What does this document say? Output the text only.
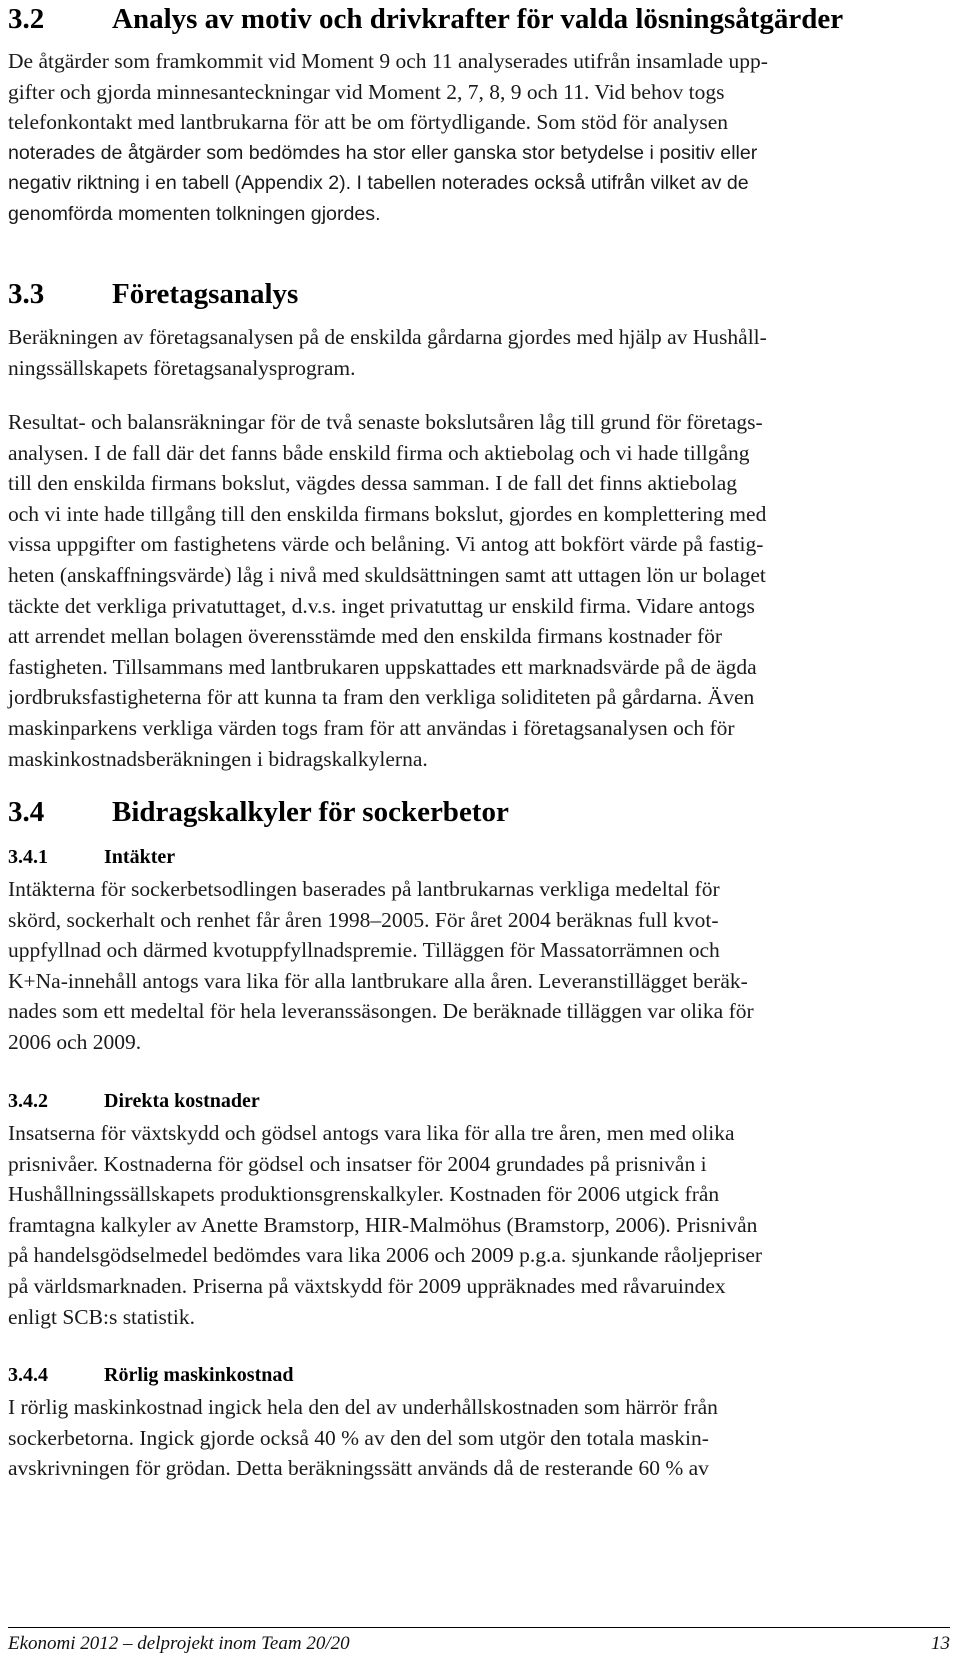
3.2 Analys av motiv och drivkrafter för valda lösningsåtgärder

De åtgärder som framkommit vid Moment 9 och 11 analyserades utifrån insamlade upp-
gifter och gjorda minnesanteckningar vid Moment 2, 7, 8, 9 och 11. Vid behov togs
telefonkontakt med lantbrukarna för att be om förtydligande. Som stöd för analysen
noterades de åtgärder som bedömdes ha stor eller ganska stor betydelse i positiv eller
negativ riktning i en tabell (Appendix 2). I tabellen noterades också utifrån vilket av de
genomförda momenten tolkningen gjordes.

3.3 Företagsanalys

Beräkningen av företagsanalysen på de enskilda gårdarna gjordes med hjälp av Hushåll-
ningssällskapets företagsanalysprogram.

Resultat- och balansräkningar för de två senaste bokslutsåren låg till grund för företags-
analysen. I de fall där det fanns både enskild firma och aktiebolag och vi hade tillgång
till den enskilda firmans bokslut, vägdes dessa samman. I de fall det finns aktiebolag
och vi inte hade tillgång till den enskilda firmans bokslut, gjordes en komplettering med
vissa uppgifter om fastighetens värde och belåning. Vi antog att bokfört värde på fastig-
heten (anskaffningsvärde) låg i nivå med skuldsättningen samt att uttagen lön ur bolaget
täckte det verkliga privatuttaget, d.v.s. inget privatuttag ur enskild firma. Vidare antogs
att arrendet mellan bolagen överensstämde med den enskilda firmans kostnader för
fastigheten. Tillsammans med lantbrukaren uppskattades ett marknadsvärde på de ägda
jordbruksfastigheterna för att kunna ta fram den verkliga soliditeten på gårdarna. Även
maskinparkens verkliga värden togs fram för att användas i företagsanalysen och för
maskinkostnadsberäkningen i bidragskalkylerna.

3.4 Bidragskalkyler för sockerbetor
3.4.1	Intäkter

Intäkterna för sockerbetsodlingen baserades på lantbrukarnas verkliga medeltal för
skörd, sockerhalt och renhet får åren 1998–2005. För året 2004 beräknas full kvot-
uppfyllnad och därmed kvotuppfyllnadspremie. Tilläggen för Massatorrämnen och
K+Na-innehåll antogs vara lika för alla lantbrukare alla åren. Leveranstillägget beräk-
nades som ett medeltal för hela leveranssäsongen. De beräknade tilläggen var olika för
2006 och 2009.

3.4.2	Direkta kostnader

Insatserna för växtskydd och gödsel antogs vara lika för alla tre åren, men med olika
prisnivåer. Kostnaderna för gödsel och insatser för 2004 grundades på prisnivån i
Hushållningssällskapets produktionsgrenskalkyler. Kostnaden för 2006 utgick från
framtagna kalkyler av Anette Bramstorp, HIR-Malmöhus (Bramstorp, 2006). Prisnivån
på handelsgödselmedel bedömdes vara lika 2006 och 2009 p.g.a. sjunkande råoljepriser
på världsmarknaden. Priserna på växtskydd för 2009 uppräknades med råvaruindex
enligt SCB:s statistik.

3.4.4	Rörlig maskinkostnad

I rörlig maskinkostnad ingick hela den del av underhållskostnaden som härrör från
sockerbetorna. Ingick gjorde också 40 % av den del som utgör den totala maskin-
avskrivningen för grödan. Detta beräkningssätt används då de resterande 60 % av

Ekonomi 2012 – delprojekt inom Team 20/20	13
